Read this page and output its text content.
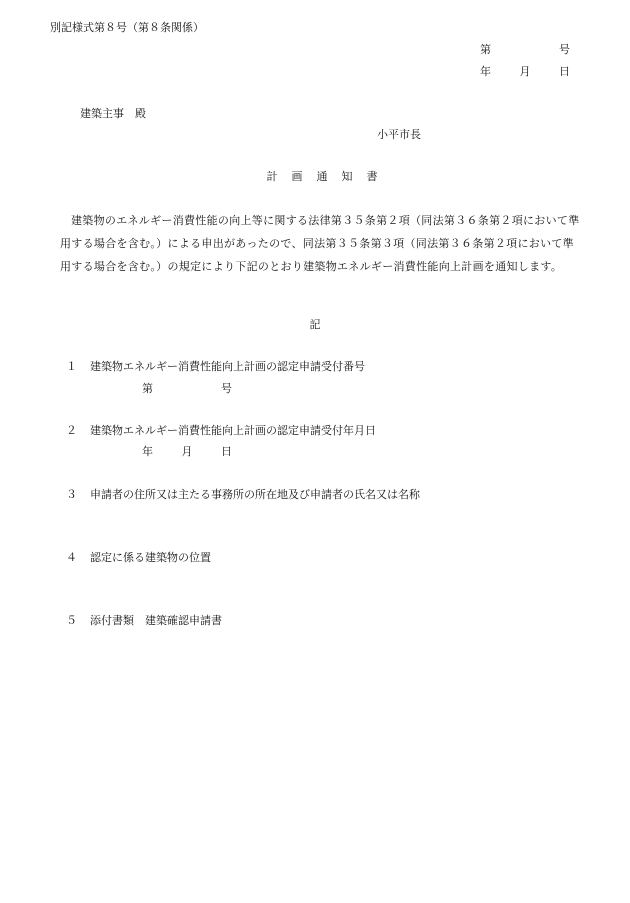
別記様式第８号（第８条関係）
第	号
年	月	日
建築主事　殿
小平市長
計画通知書
建築物のエネルギー消費性能の向上等に関する法律第３５条第２項（同法第３６条第２項において準用する場合を含む。）による申出があったので、同法第３５条第３項（同法第３６条第２項において準用する場合を含む。）の規定により下記のとおり建築物エネルギー消費性能向上計画を通知します。
記
１ 建築物エネルギー消費性能向上計画の認定申請受付番号
第	号
２ 建築物エネルギー消費性能向上計画の認定申請受付年月日
年	月	日
３ 申請者の住所又は主たる事務所の所在地及び申請者の氏名又は名称
４ 認定に係る建築物の位置
５ 添付書類　建築確認申請書
